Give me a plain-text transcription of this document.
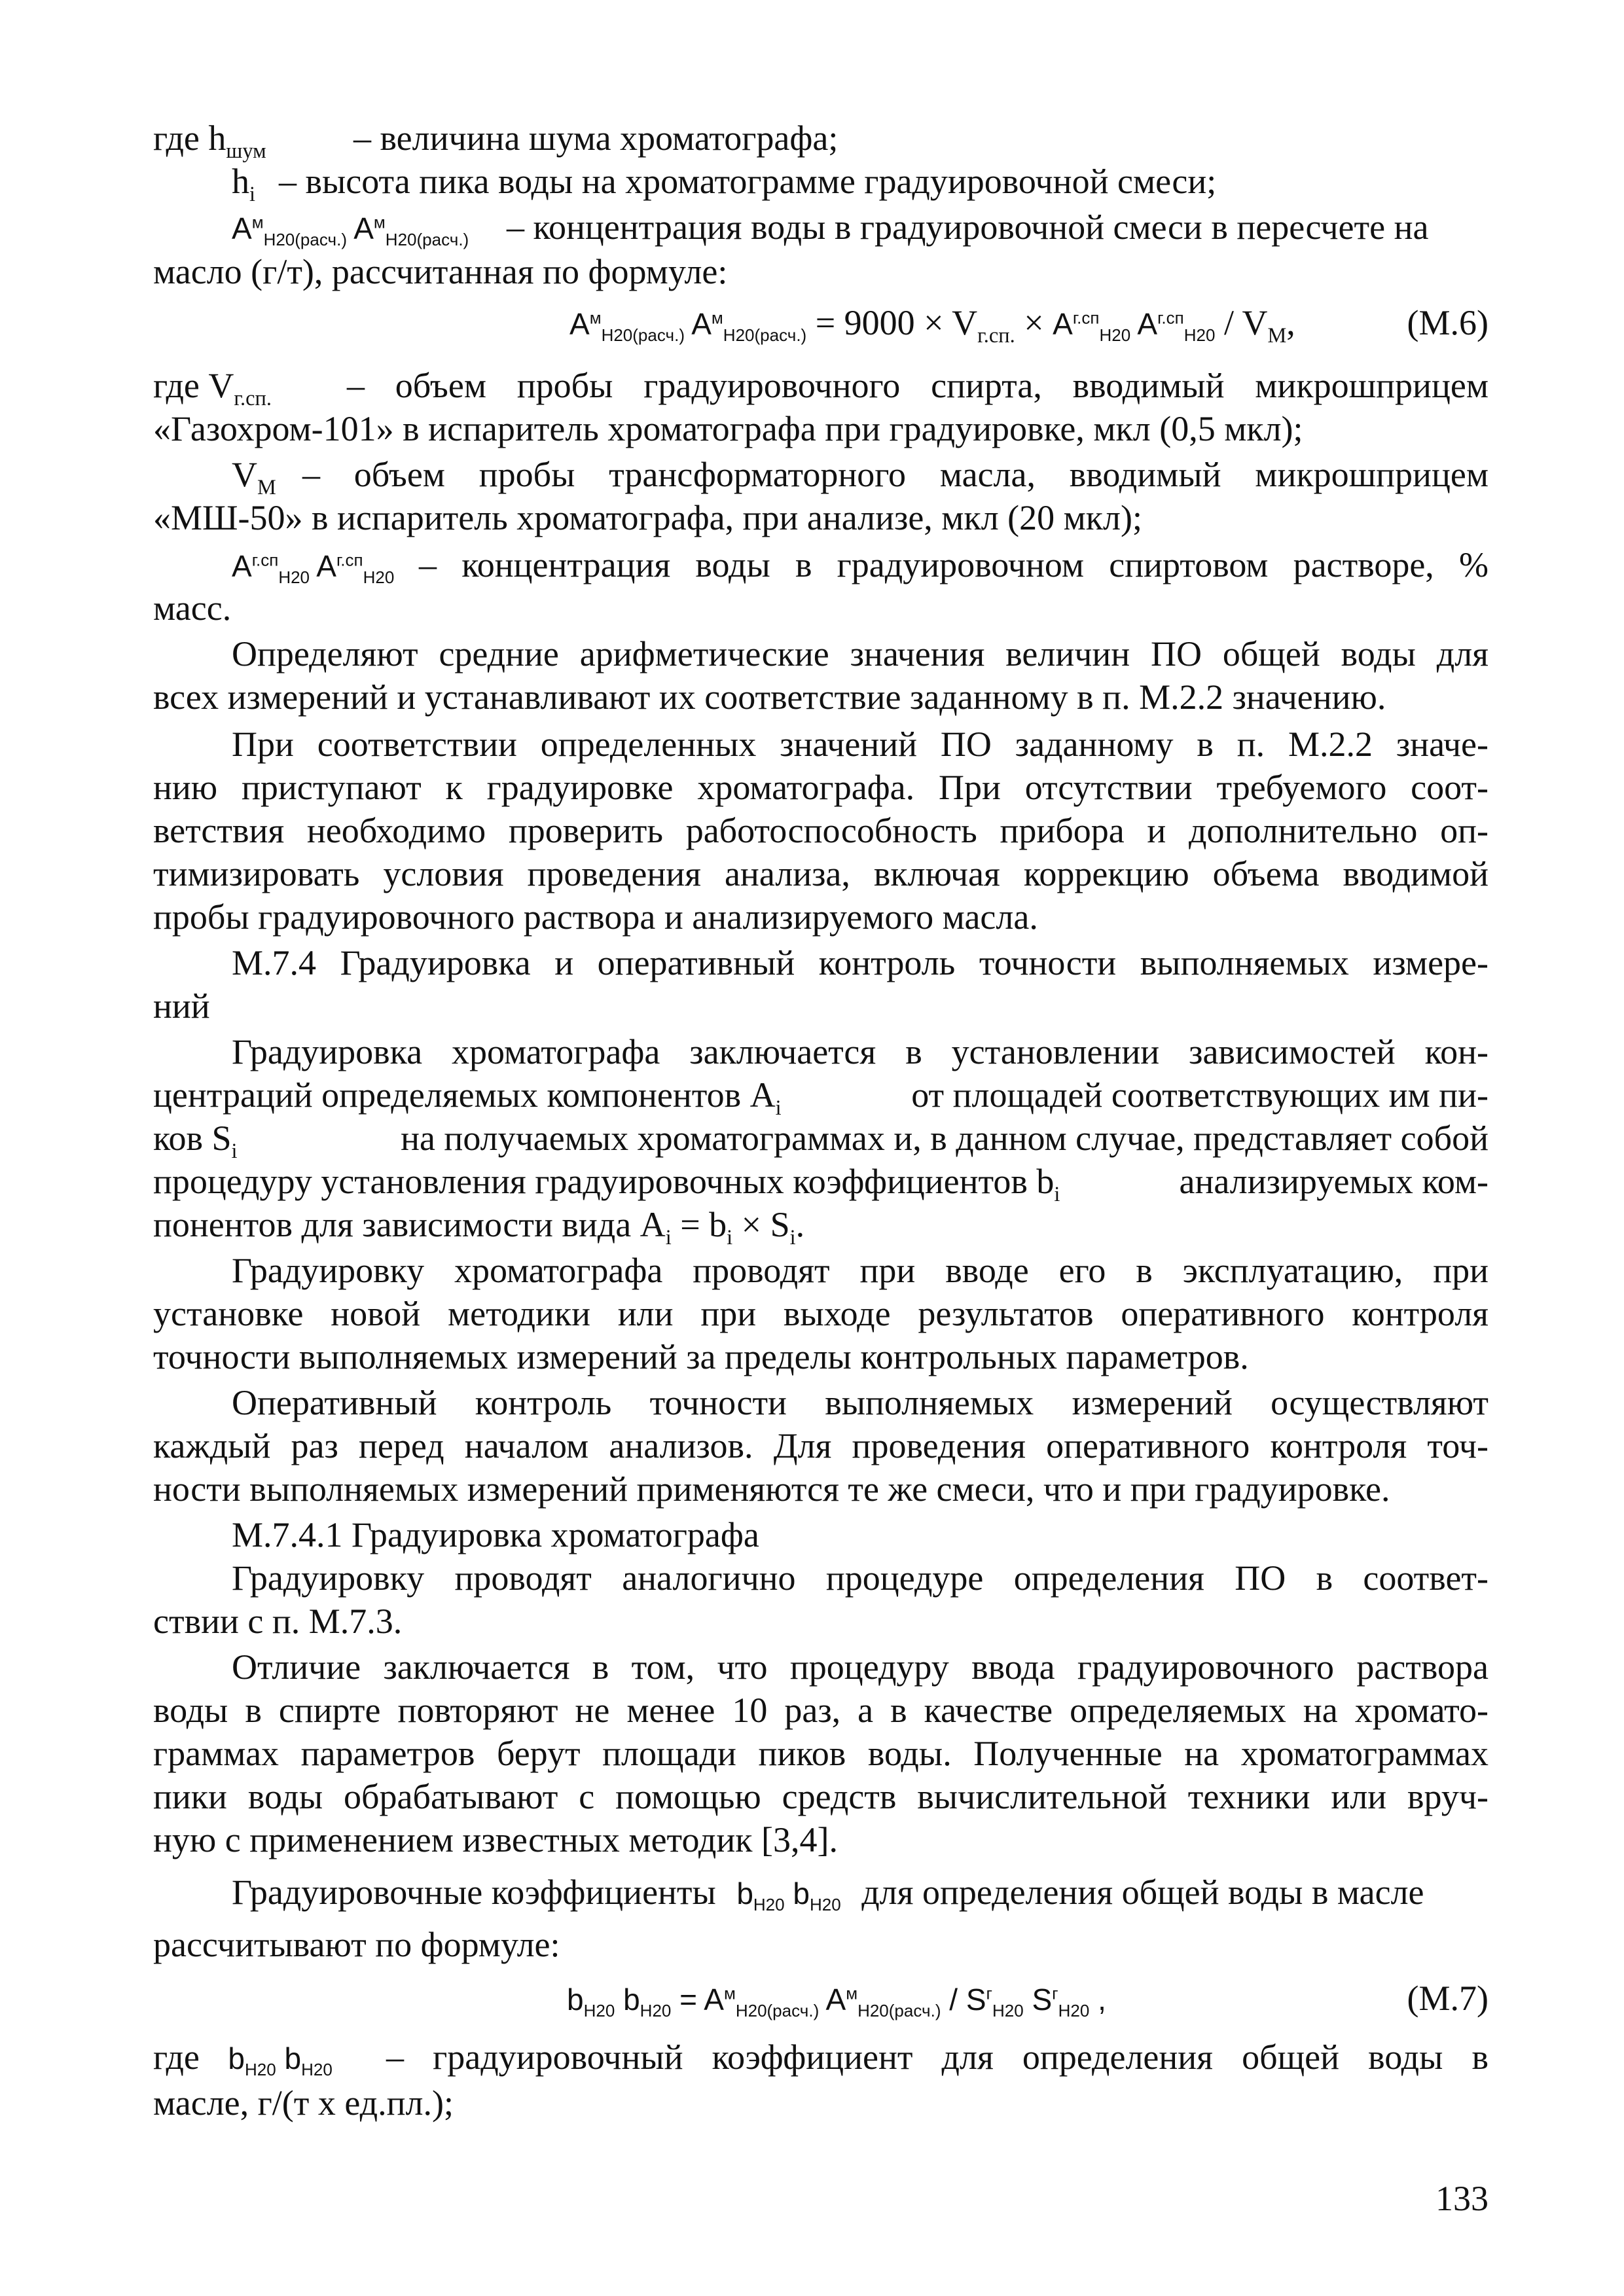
где $h_{шум}$ – величина шума хроматографа;
$h_i$ – высота пика воды на хроматограмме градуировочной смеси;
$A^м_{H20(расч.)}$ $A^м_{H20(расч.)}$ – концентрация воды в градуировочной смеси в пересчете на
масло (г/т), рассчитанная по формуле:
$A^м_{H20(расч.)}$ $A^м_{H20(расч.)} = 9000 \times V_{г.сп.} \times A^{г.сп}_{H20}$ $A^{г.сп}_{H20} / V_М$,	(М.6)
где $V_{г.сп.}$ – объем пробы градуировочного спирта, вводимый микрошприцем
«Газохром-101» в испаритель хроматографа при градуировке, мкл (0,5 мкл);
$V_М$ – объем пробы трансформаторного масла, вводимый микрошприцем
«МШ-50» в испаритель хроматографа, при анализе, мкл (20 мкл);
$A^{г.сп}_{H20}$ $A^{г.сп}_{H20}$ – концентрация воды в градуировочном спиртовом растворе, %
масс.
Определяют средние арифметические значения величин ПО общей воды для
всех измерений и устанавливают их соответствие заданному в п. М.2.2 значению.
При соответствии определенных значений ПО заданному в п. М.2.2 значе-
нию приступают к градуировке хроматографа. При отсутствии требуемого соот-
ветствия необходимо проверить работоспособность прибора и дополнительно оп-
тимизировать условия проведения анализа, включая коррекцию объема вводимой
пробы градуировочного раствора и анализируемого масла.
М.7.4 Градуировка и оперативный контроль точности выполняемых измере-
ний
Градуировка хроматографа заключается в установлении зависимостей кон-
центраций определяемых компонентов $A_i$	от площадей соответствующих им пи-
ков $S_i$	на получаемых хроматограммах и, в данном случае, представляет собой
процедуру установления градуировочных коэффициентов $b_i$	анализируемых ком-
понентов для зависимости вида $A_i = b_i \times S_i$.
Градуировку хроматографа проводят при вводе его в эксплуатацию, при
установке новой методики или при выходе результатов оперативного контроля
точности выполняемых измерений за пределы контрольных параметров.
Оперативный контроль точности выполняемых измерений осуществляют
каждый раз перед началом анализов. Для проведения оперативного контроля точ-
ности выполняемых измерений применяются те же смеси, что и при градуировке.
М.7.4.1 Градуировка хроматографа
Градуировку проводят аналогично процедуре определения ПО в соответ-
ствии с п. М.7.3.
Отличие заключается в том, что процедуру ввода градуировочного раствора
воды в спирте повторяют не менее 10 раз, а в качестве определяемых на хромато-
граммах параметров берут площади пиков воды. Полученные на хроматограммах
пики воды обрабатывают с помощью средств вычислительной техники или вруч-
ную с применением известных методик [3,4].
Градуировочные коэффициенты $b_{H20}$ $b_{H20}$ для определения общей воды в масле
рассчитывают по формуле:
$b_{H20}$ $b_{H20} = A^м_{H20(расч.)}$ $A^м_{H20(расч.)} / S^г_{H20}$ $S^г_{H20}$ ,	(М.7)
где $b_{H20}$ $b_{H20}$ – градуировочный коэффициент для определения общей воды в
масле, г/(т х ед.пл.);
133
